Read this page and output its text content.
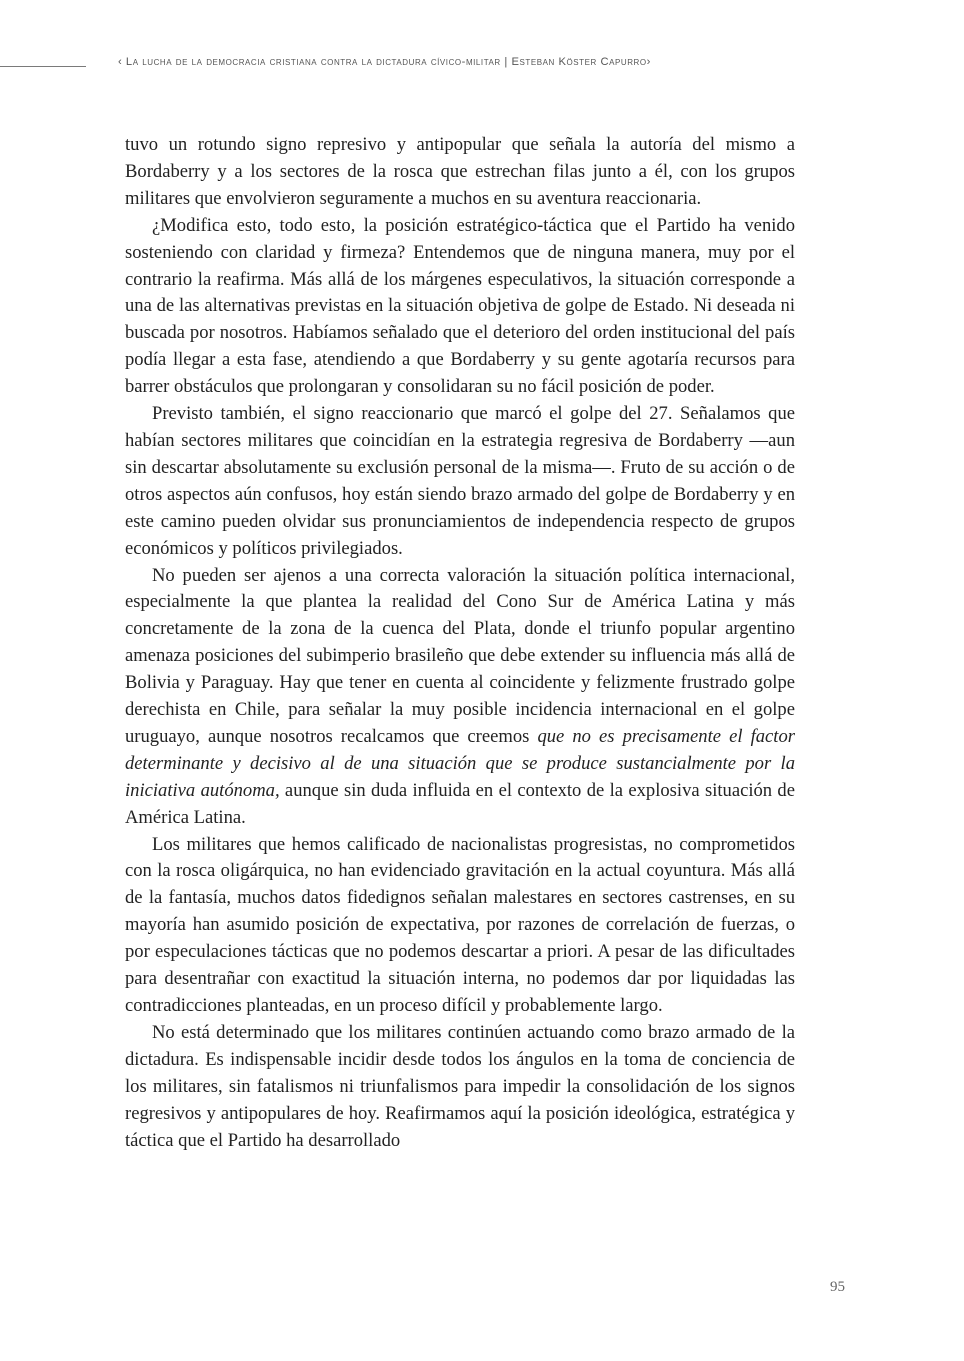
‹ La lucha de la democracia cristiana contra la dictadura cívico-militar | Esteban Köster Capurro›

tuvo un rotundo signo represivo y antipopular que señala la autoría del mismo a Bordaberry y a los sectores de la rosca que estrechan filas junto a él, con los grupos militares que envolvieron seguramente a muchos en su aventura reaccionaria.

¿Modifica esto, todo esto, la posición estratégico-táctica que el Partido ha venido sosteniendo con claridad y firmeza? Entendemos que de ninguna manera, muy por el contrario la reafirma. Más allá de los márgenes especulativos, la situación corresponde a una de las alternativas previstas en la situación objetiva de golpe de Estado. Ni deseada ni buscada por nosotros. Habíamos señalado que el deterioro del orden institucional del país podía llegar a esta fase, atendiendo a que Bordaberry y su gente agotaría recursos para barrer obstáculos que prolongaran y consolidaran su no fácil posición de poder.

Previsto también, el signo reaccionario que marcó el golpe del 27. Señalamos que habían sectores militares que coincidían en la estrategia regresiva de Bordaberry —aun sin descartar absolutamente su exclusión personal de la misma—. Fruto de su acción o de otros aspectos aún confusos, hoy están siendo brazo armado del golpe de Bordaberry y en este camino pueden olvidar sus pronunciamientos de independencia respecto de grupos económicos y políticos privilegiados.

No pueden ser ajenos a una correcta valoración la situación política internacional, especialmente la que plantea la realidad del Cono Sur de América Latina y más concretamente de la zona de la cuenca del Plata, donde el triunfo popular argentino amenaza posiciones del subimperio brasileño que debe extender su influencia más allá de Bolivia y Paraguay. Hay que tener en cuenta al coincidente y felizmente frustrado golpe derechista en Chile, para señalar la muy posible incidencia internacional en el golpe uruguayo, aunque nosotros recalcamos que creemos que no es precisamente el factor determinante y decisivo al de una situación que se produce sustancialmente por la iniciativa autónoma, aunque sin duda influida en el contexto de la explosiva situación de América Latina.

Los militares que hemos calificado de nacionalistas progresistas, no comprometidos con la rosca oligárquica, no han evidenciado gravitación en la actual coyuntura. Más allá de la fantasía, muchos datos fidedignos señalan malestares en sectores castrenses, en su mayoría han asumido posición de expectativa, por razones de correlación de fuerzas, o por especulaciones tácticas que no podemos descartar a priori. A pesar de las dificultades para desentrañar con exactitud la situación interna, no podemos dar por liquidadas las contradicciones planteadas, en un proceso difícil y probablemente largo.

No está determinado que los militares continúen actuando como brazo armado de la dictadura. Es indispensable incidir desde todos los ángulos en la toma de conciencia de los militares, sin fatalismos ni triunfalismos para impedir la consolidación de los signos regresivos y antipopulares de hoy. Reafirmamos aquí la posición ideológica, estratégica y táctica que el Partido ha desarrollado

95
